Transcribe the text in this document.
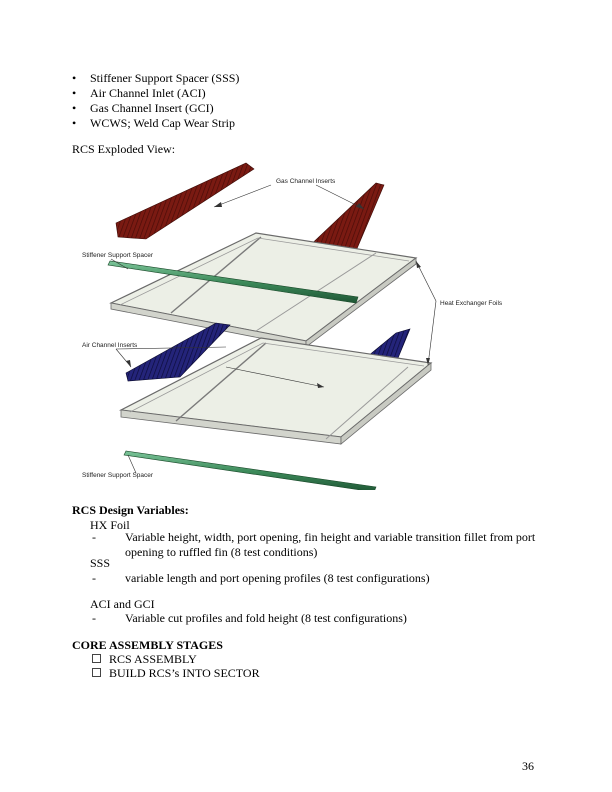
• Stiffener Support Spacer (SSS)
• Air Channel Inlet (ACI)
• Gas Channel Insert (GCI)
• WCWS; Weld Cap Wear Strip
RCS Exploded View:
Gas Channel Inserts
Stiffener Support Spacer
Heat Exchanger Foils
Air Channel Inserts
Stiffener Support Spacer
RCS Design Variables:
HX Foil
- Variable height, width, port opening, fin height and variable transition fillet from port opening to ruffled fin (8 test conditions)
SSS
- variable length and port opening profiles (8 test configurations)
ACI and GCI
- Variable cut profiles and fold height (8 test configurations)
CORE ASSEMBLY STAGES
RCS ASSEMBLY
BUILD RCS’s INTO SECTOR
36
